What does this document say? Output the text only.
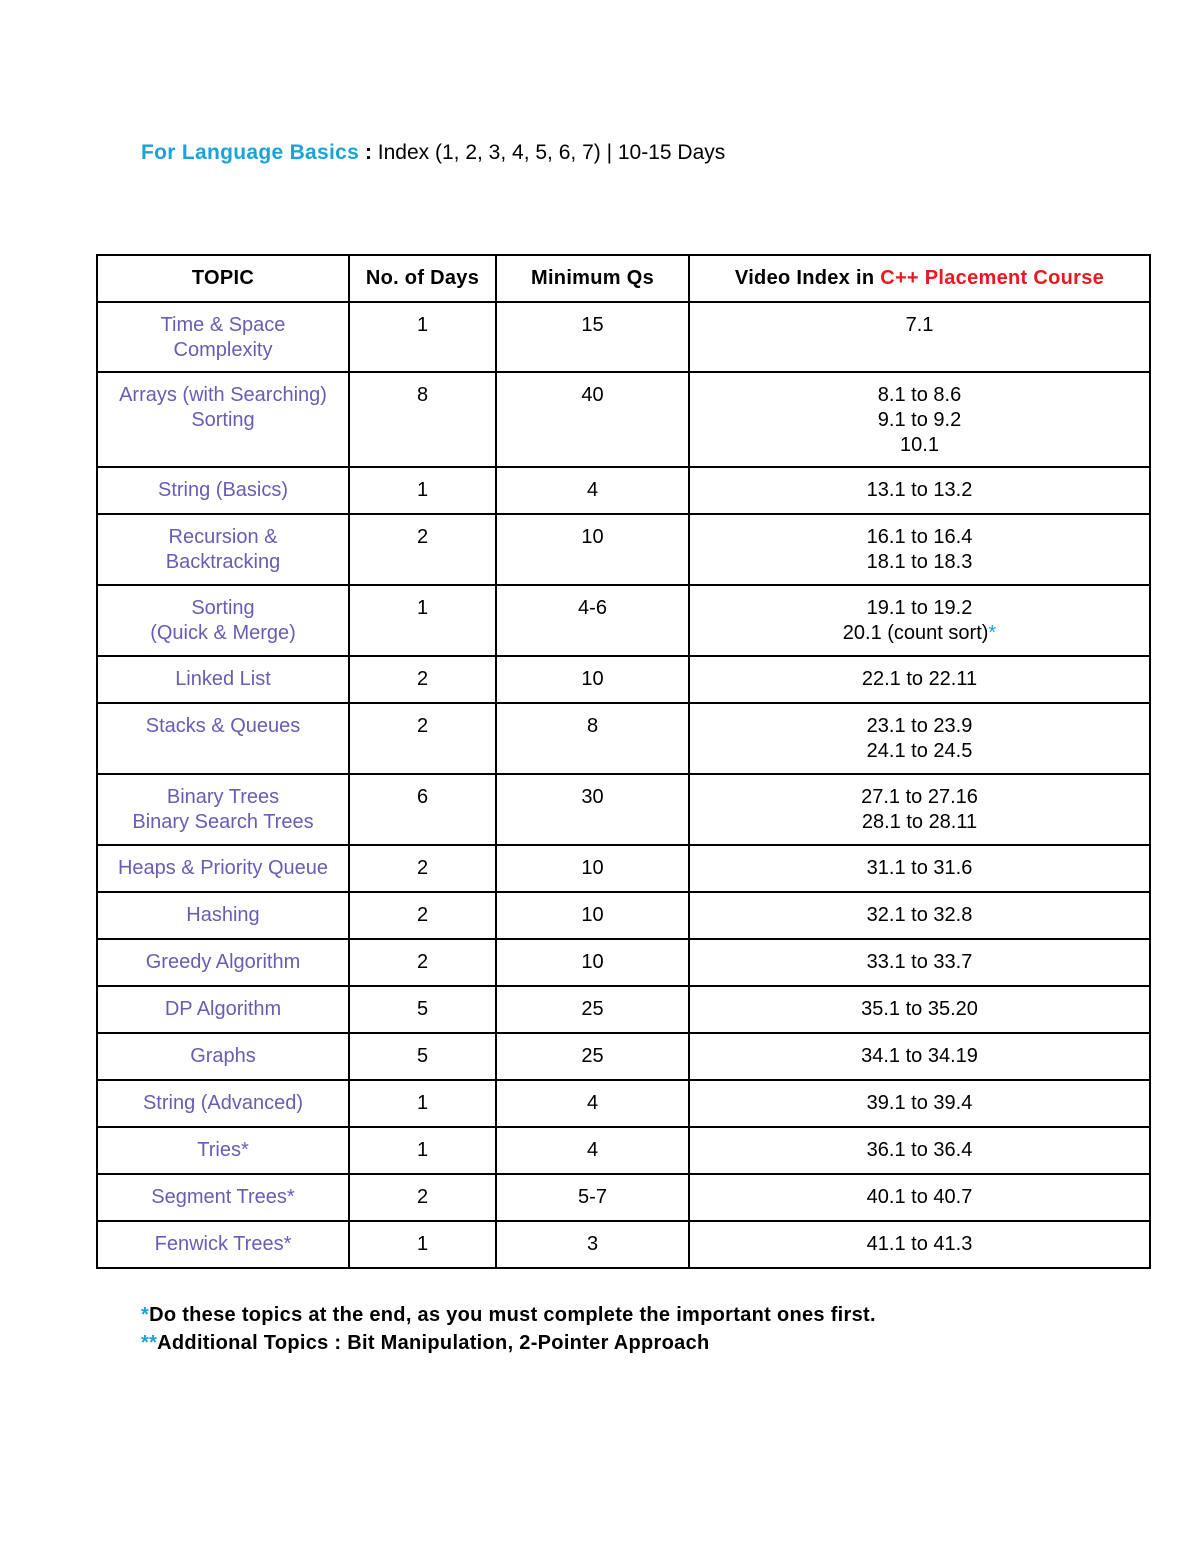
For Language Basics : Index (1, 2, 3, 4, 5, 6, 7) | 10-15 Days
TOPIC	No. of Days	Minimum Qs	Video Index in C++ Placement Course

Time & Space
Complexity	1	15	7.1

Arrays (with Searching)
Sorting	8	40	8.1 to 8.6
9.1 to 9.2
10.1

String (Basics)	1	4	13.1 to 13.2

Recursion &
Backtracking	2	10	16.1 to 16.4
18.1 to 18.3

Sorting
(Quick & Merge)	1	4-6	19.1 to 19.2
20.1 (count sort)*

Linked List	2	10	22.1 to 22.11

Stacks & Queues	2	8	23.1 to 23.9
24.1 to 24.5

Binary Trees
Binary Search Trees	6	30	27.1 to 27.16
28.1 to 28.11

Heaps & Priority Queue	2	10	31.1 to 31.6

Hashing	2	10	32.1 to 32.8

Greedy Algorithm	2	10	33.1 to 33.7

DP Algorithm	5	25	35.1 to 35.20

Graphs	5	25	34.1 to 34.19

String (Advanced)	1	4	39.1 to 39.4

Tries*	1	4	36.1 to 36.4

Segment Trees*	2	5-7	40.1 to 40.7

Fenwick Trees*	1	3	41.1 to 41.3
*Do these topics at the end, as you must complete the important ones first.
**Additional Topics : Bit Manipulation, 2-Pointer Approach
